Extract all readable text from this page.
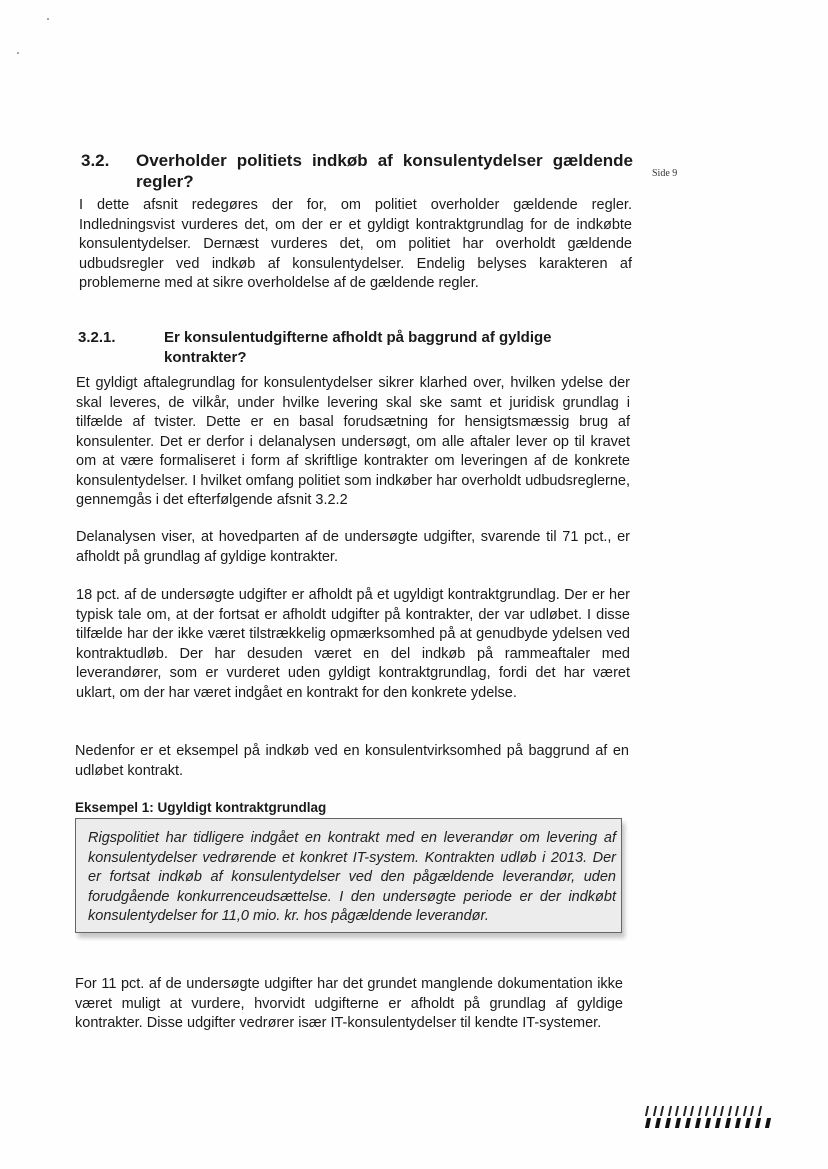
Side 9
3.2. Overholder politiets indkøb af konsulentydelser gældende regler?

I dette afsnit redegøres der for, om politiet overholder gældende regler. Indledningsvist vurderes det, om der er et gyldigt kontraktgrundlag for de indkøbte konsulentydelser. Dernæst vurderes det, om politiet har overholdt gældende udbudsregler ved indkøb af konsulentydelser. Endelig belyses karakteren af problemerne med at sikre overholdelse af de gældende regler.

3.2.1.	Er konsulentudgifterne afholdt på baggrund af gyldige kontrakter?

Et gyldigt aftalegrundlag for konsulentydelser sikrer klarhed over, hvilken ydelse der skal leveres, de vilkår, under hvilke levering skal ske samt et juridisk grundlag i tilfælde af tvister. Dette er en basal forudsætning for hensigtsmæssig brug af konsulenter. Det er derfor i delanalysen undersøgt, om alle aftaler lever op til kravet om at være formaliseret i form af skriftlige kontrakter om leveringen af de konkrete konsulentydelser. I hvilket omfang politiet som indkøber har overholdt udbudsreglerne, gennemgås i det efterfølgende afsnit 3.2.2

Delanalysen viser, at hovedparten af de undersøgte udgifter, svarende til 71 pct., er afholdt på grundlag af gyldige kontrakter.

18 pct. af de undersøgte udgifter er afholdt på et ugyldigt kontraktgrundlag. Der er her typisk tale om, at der fortsat er afholdt udgifter på kontrakter, der var udløbet. I disse tilfælde har der ikke været tilstrækkelig opmærksomhed på at genudbyde ydelsen ved kontraktudløb. Der har desuden været en del indkøb på rammeaftaler med leverandører, som er vurderet uden gyldigt kontraktgrundlag, fordi det har været uklart, om der har været indgået en kontrakt for den konkrete ydelse.

Nedenfor er et eksempel på indkøb ved en konsulentvirksomhed på baggrund af en udløbet kontrakt.

Eksempel 1: Ugyldigt kontraktgrundlag

Rigspolitiet har tidligere indgået en kontrakt med en leverandør om levering af konsulentydelser vedrørende et konkret IT-system. Kontrakten udløb i 2013. Der er fortsat indkøb af konsulentydelser ved den pågældende leverandør, uden forudgående konkurrenceudsættelse. I den undersøgte periode er der indkøbt konsulentydelser for 11,0 mio. kr. hos pågældende leverandør.

For 11 pct. af de undersøgte udgifter har det grundet manglende dokumentation ikke været muligt at vurdere, hvorvidt udgifterne er afholdt på grundlag af gyldige kontrakter. Disse udgifter vedrører især IT-konsulentydelser til kendte IT-systemer.
